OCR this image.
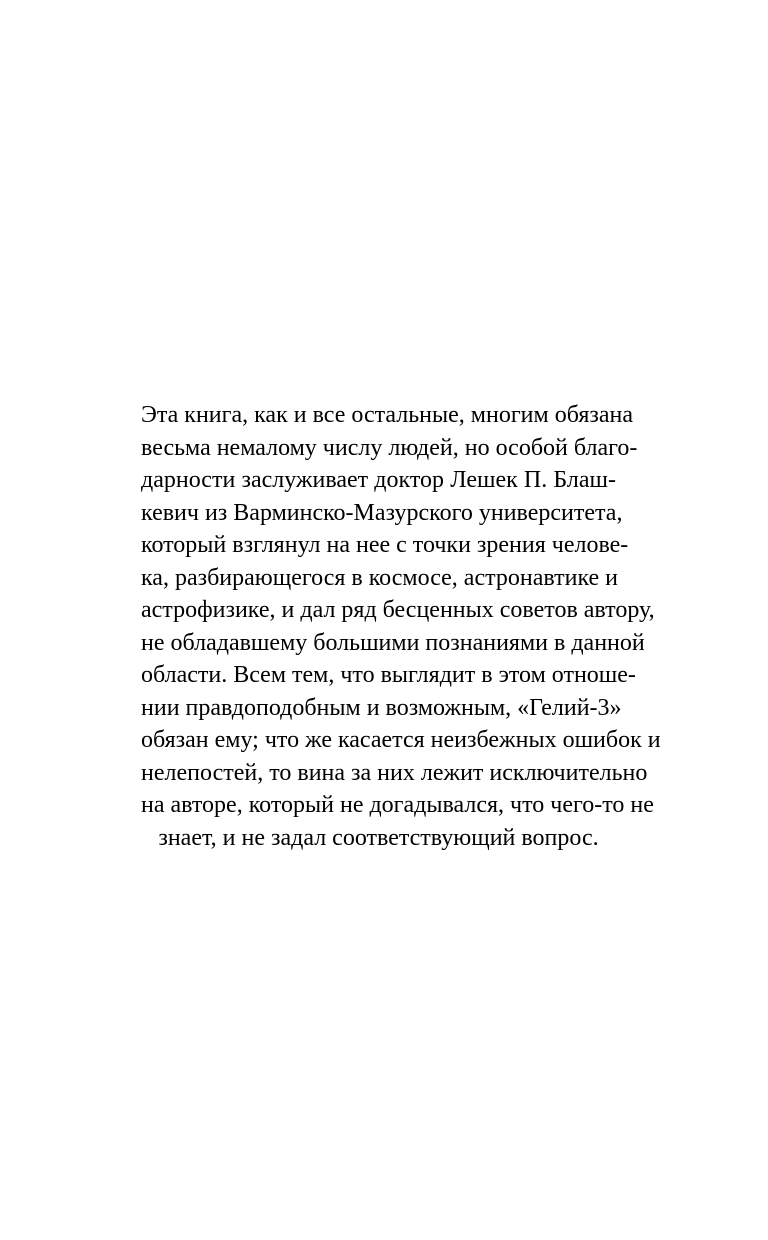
Эта книга, как и все остальные, многим обязана
весьма немалому числу людей, но особой благо-
дарности заслуживает доктор Лешек П. Блаш-
кевич из Варминско-Мазурского университета,
который взглянул на нее с точки зрения челове-
ка, разбирающегося в космосе, астронавтике и
астрофизике, и дал ряд бесценных советов автору,
не обладавшему большими познаниями в данной
области. Всем тем, что выглядит в этом отноше-
нии правдоподобным и возможным, «Гелий-3»
обязан ему; что же касается неизбежных ошибок и
нелепостей, то вина за них лежит исключительно
на авторе, который не догадывался, что чего-то не
знает, и не задал соответствующий вопрос.
